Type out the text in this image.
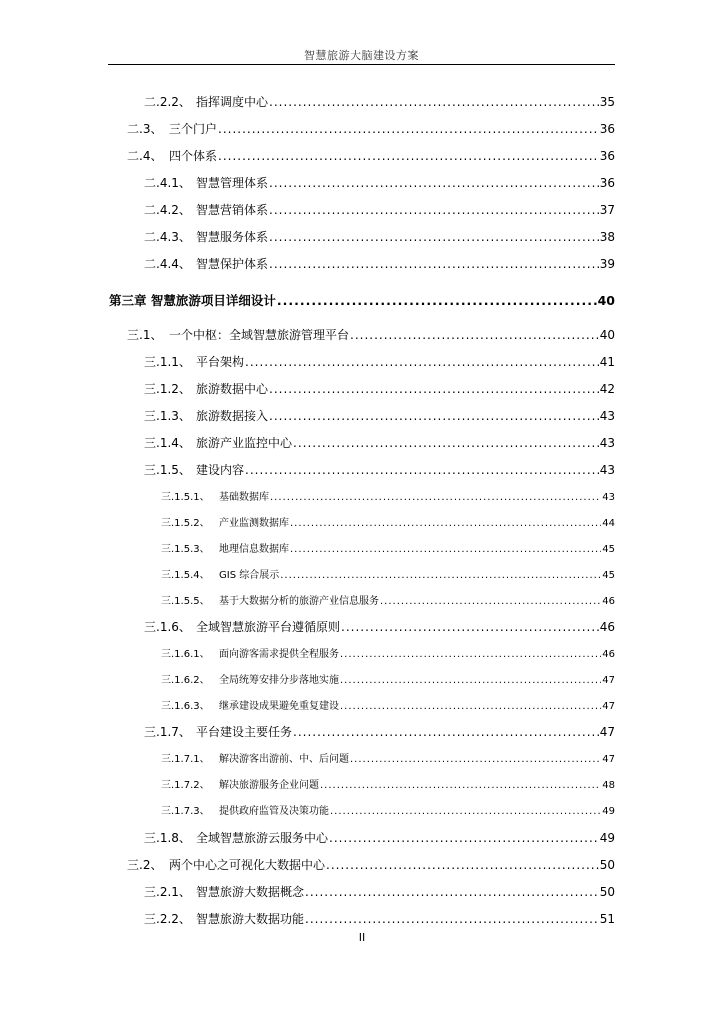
智慧旅游大脑建设方案
二.2.2、 指挥调度中心 .....	35
二.3、 三个门户 .....	36
二.4、 四个体系 .....	36
二.4.1、 智慧管理体系 .....	36
二.4.2、 智慧营销体系 .....	37
二.4.3、 智慧服务体系 .....	38
二.4.4、 智慧保护体系 .....	39
第三章 智慧旅游项目详细设计 .....	40
三.1、 一个中枢：全域智慧旅游管理平台 .....	40
三.1.1、 平台架构 .....	41
三.1.2、 旅游数据中心 .....	42
三.1.3、 旅游数据接入 .....	43
三.1.4、 旅游产业监控中心 .....	43
三.1.5、 建设内容 .....	43
三.1.5.1、 基础数据库 .....	43
三.1.5.2、 产业监测数据库 .....	44
三.1.5.3、 地理信息数据库 .....	45
三.1.5.4、 GIS 综合展示 .....	45
三.1.5.5、 基于大数据分析的旅游产业信息服务 .....	46
三.1.6、 全域智慧旅游平台遵循原则 .....	46
三.1.6.1、 面向游客需求提供全程服务 .....	46
三.1.6.2、 全局统筹安排分步落地实施 .....	47
三.1.6.3、 继承建设成果避免重复建设 .....	47
三.1.7、 平台建设主要任务 .....	47
三.1.7.1、 解决游客出游前、中、后问题 .....	47
三.1.7.2、 解决旅游服务企业问题 .....	48
三.1.7.3、 提供政府监管及决策功能 .....	49
三.1.8、 全域智慧旅游云服务中心 .....	49
三.2、 两个中心之可视化大数据中心 .....	50
三.2.1、 智慧旅游大数据概念 .....	50
三.2.2、 智慧旅游大数据功能 .....	51
II
